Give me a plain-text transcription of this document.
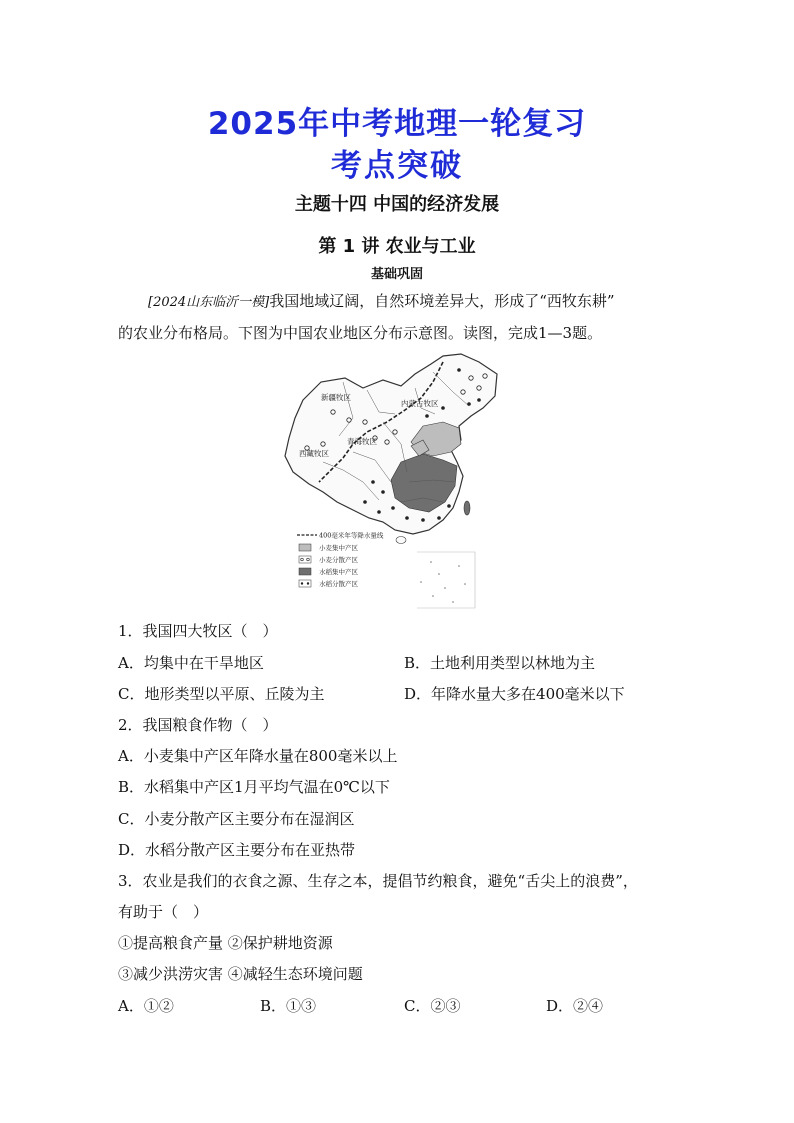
2025年中考地理一轮复习
考点突破
主题十四 中国的经济发展
第 1 讲 农业与工业
基础巩固
[2024山东临沂一模]我国地域辽阔，自然环境差异大，形成了“西牧东耕”
的农业分布格局。下图为中国农业地区分布示意图。读图，完成1—3题。
新疆牧区
内蒙古牧区
青海牧区
西藏牧区
400毫米年等降水量线
小麦集中产区
小麦分散产区
水稻集中产区
水稻分散产区
1．我国四大牧区（　）
A．均集中在干旱地区	B．土地利用类型以林地为主
C．地形类型以平原、丘陵为主	D．年降水量大多在400毫米以下
2．我国粮食作物（　）
A．小麦集中产区年降水量在800毫米以上
B．水稻集中产区1月平均气温在0℃以下
C．小麦分散产区主要分布在湿润区
D．水稻分散产区主要分布在亚热带
3．农业是我们的衣食之源、生存之本，提倡节约粮食，避免“舌尖上的浪费”，
有助于（　）
①提高粮食产量 ②保护耕地资源
③减少洪涝灾害 ④减轻生态环境问题
A．①②	B．①③	C．②③	D．②④
